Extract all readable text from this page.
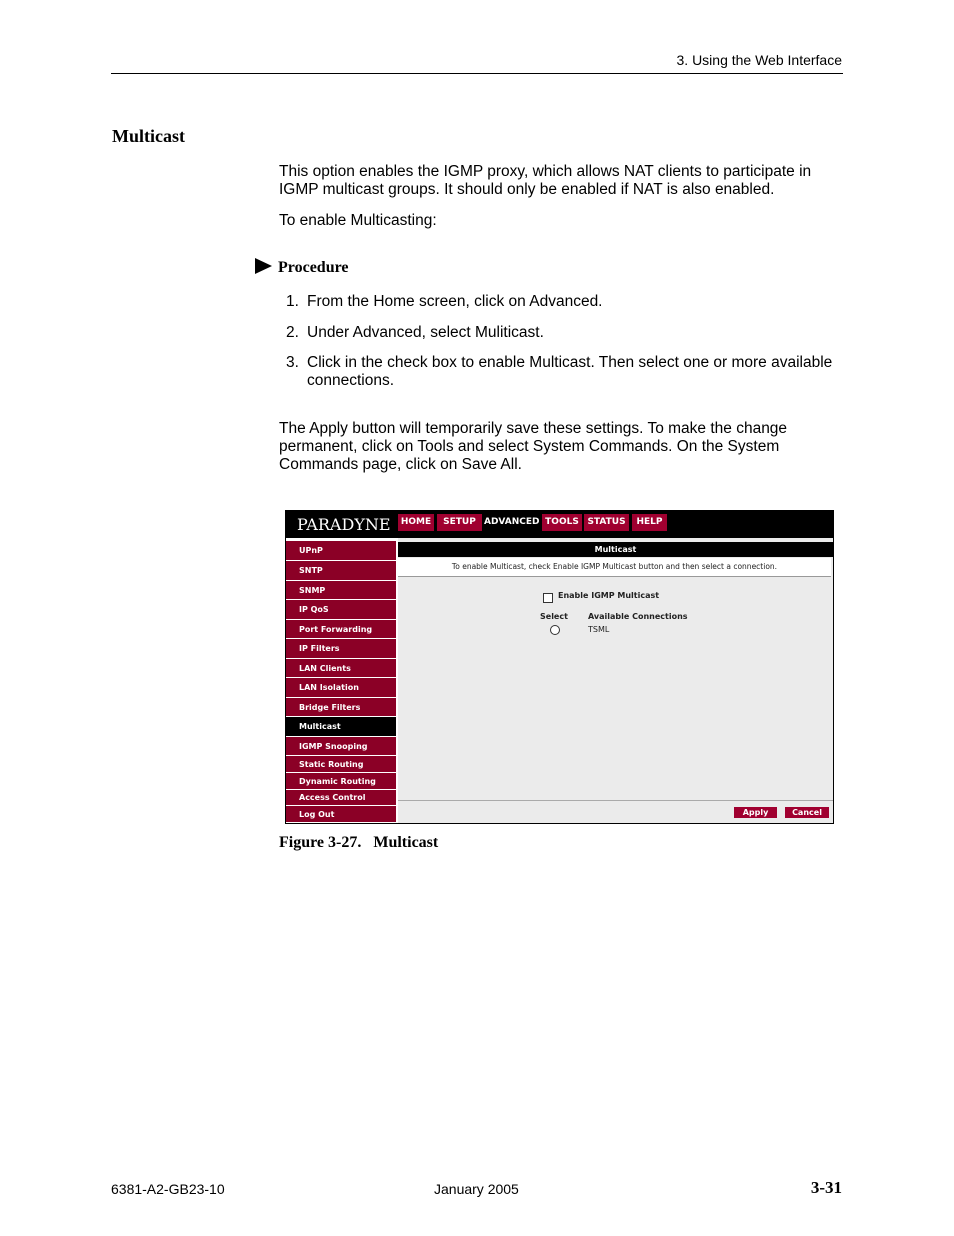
3. Using the Web Interface
Multicast
This option enables the IGMP proxy, which allows NAT clients to participate in IGMP multicast groups. It should only be enabled if NAT is also enabled.
To enable Multicasting:
Procedure
1. From the Home screen, click on Advanced.
2. Under Advanced, select Muliticast.
3. Click in the check box to enable Multicast. Then select one or more available connections.
The Apply button will temporarily save these settings. To make the change permanent, click on Tools and select System Commands. On the System Commands page, click on Save All.
PARADYNE	HOME	SETUP ADVANCED TOOLS STATUS	HELP
UPnP
SNTP
SNMP
IP QoS
Port Forwarding
IP Filters
LAN Clients
LAN Isolation
Bridge Filters
Multicast
IGMP Snooping
Static Routing
Dynamic Routing
Access Control
Log Out
Multicast
To enable Multicast, check Enable IGMP Multicast button and then select a connection.
Enable IGMP Multicast
Select	Available Connections
TSML
Apply	Cancel
Figure 3-27.   Multicast
6381-A2-GB23-10	January 2005	3-31
